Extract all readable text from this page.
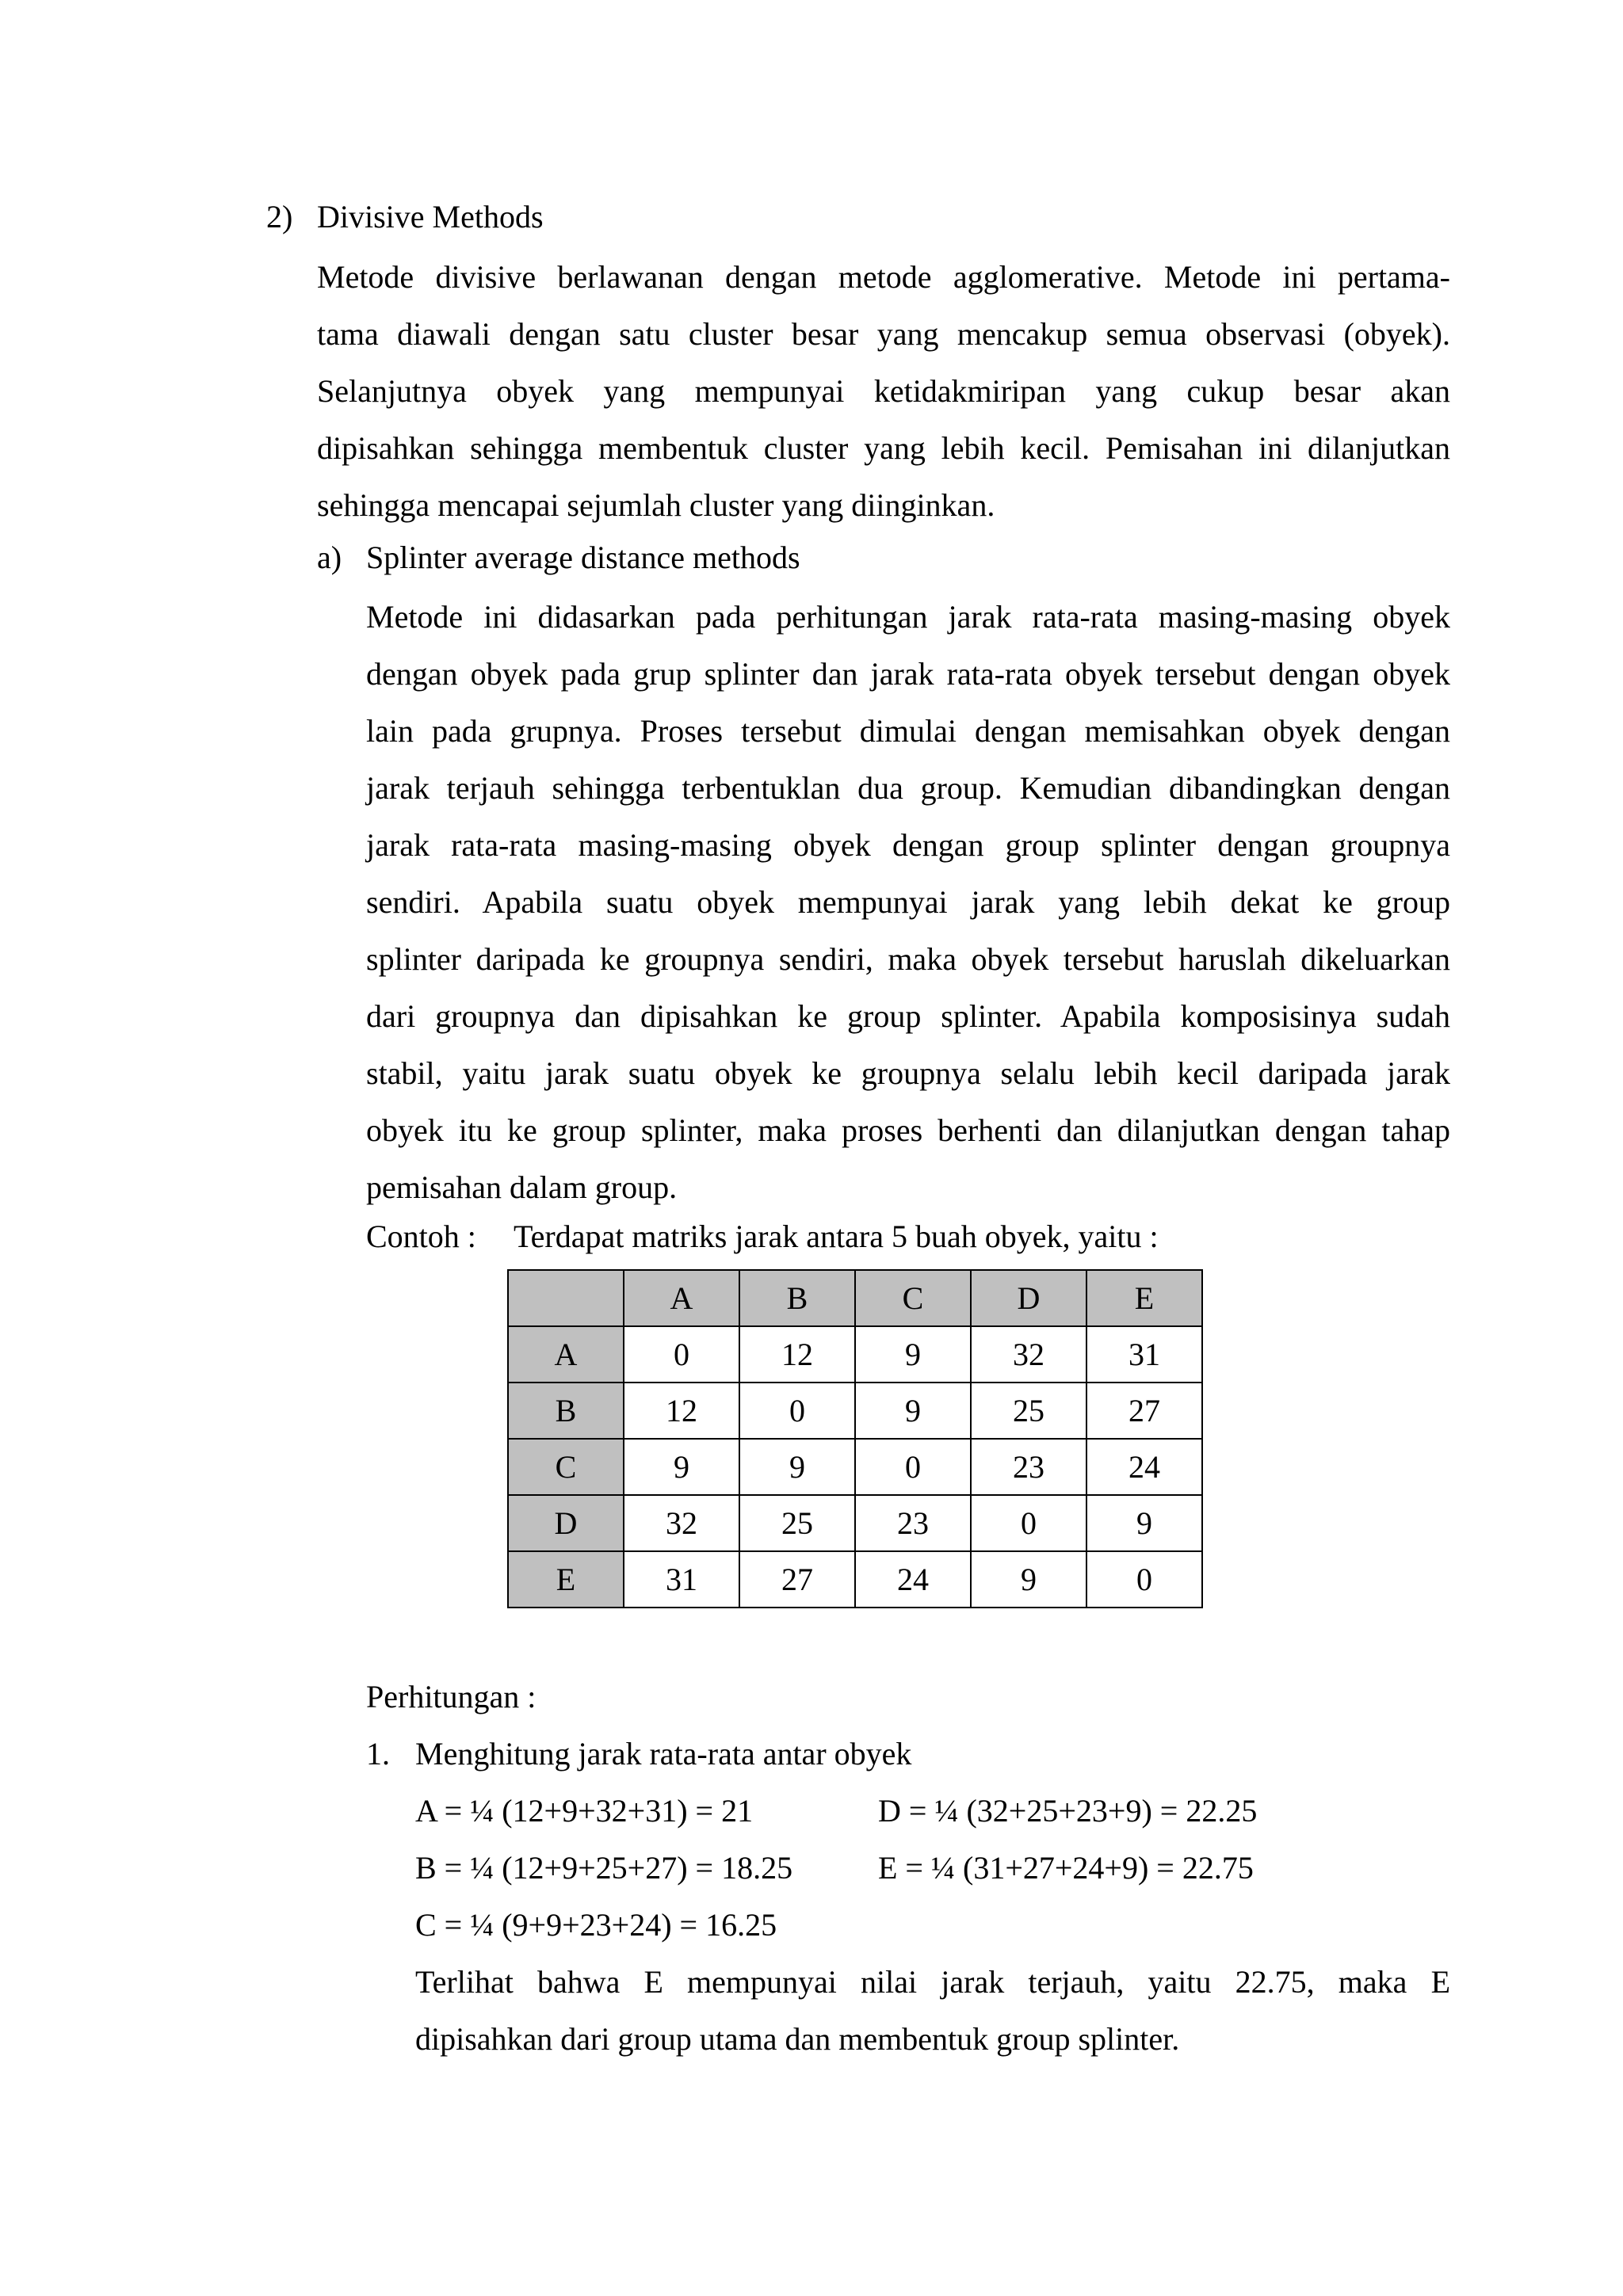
2) Divisive Methods
Metode divisive berlawanan dengan metode agglomerative. Metode ini pertama-
tama diawali dengan satu cluster besar yang mencakup semua observasi (obyek).
Selanjutnya obyek yang mempunyai ketidakmiripan yang cukup besar akan
dipisahkan sehingga membentuk cluster yang lebih kecil. Pemisahan ini dilanjutkan
sehingga mencapai sejumlah cluster yang diinginkan.
a) Splinter average distance methods
Metode ini didasarkan pada perhitungan jarak rata-rata masing-masing obyek
dengan obyek pada grup splinter dan jarak rata-rata obyek tersebut dengan obyek
lain pada grupnya. Proses tersebut dimulai dengan memisahkan obyek dengan
jarak terjauh sehingga terbentuklan dua group. Kemudian dibandingkan dengan
jarak rata-rata masing-masing obyek dengan group splinter dengan groupnya
sendiri. Apabila suatu obyek mempunyai jarak yang lebih dekat ke group
splinter daripada ke groupnya sendiri, maka obyek tersebut haruslah dikeluarkan
dari groupnya dan dipisahkan ke group splinter. Apabila komposisinya sudah
stabil, yaitu jarak suatu obyek ke groupnya selalu lebih kecil daripada jarak
obyek itu ke group splinter, maka proses berhenti dan dilanjutkan dengan tahap
pemisahan dalam group.
Contoh : Terdapat matriks jarak antara 5 buah obyek, yaitu :
	A	B	C	D	E
A	0	12	9	32	31
B	12	0	9	25	27
C	9	9	0	23	24
D	32	25	23	0	9
E	31	27	24	9	0
Perhitungan :
1. Menghitung jarak rata-rata antar obyek
A = ¼ (12+9+32+31) = 21
B = ¼ (12+9+25+27) = 18.25
C = ¼ (9+9+23+24) = 16.25
D = ¼ (32+25+23+9) = 22.25
E = ¼ (31+27+24+9) = 22.75
Terlihat bahwa E mempunyai nilai jarak terjauh, yaitu 22.75, maka E
dipisahkan dari group utama dan membentuk group splinter.
